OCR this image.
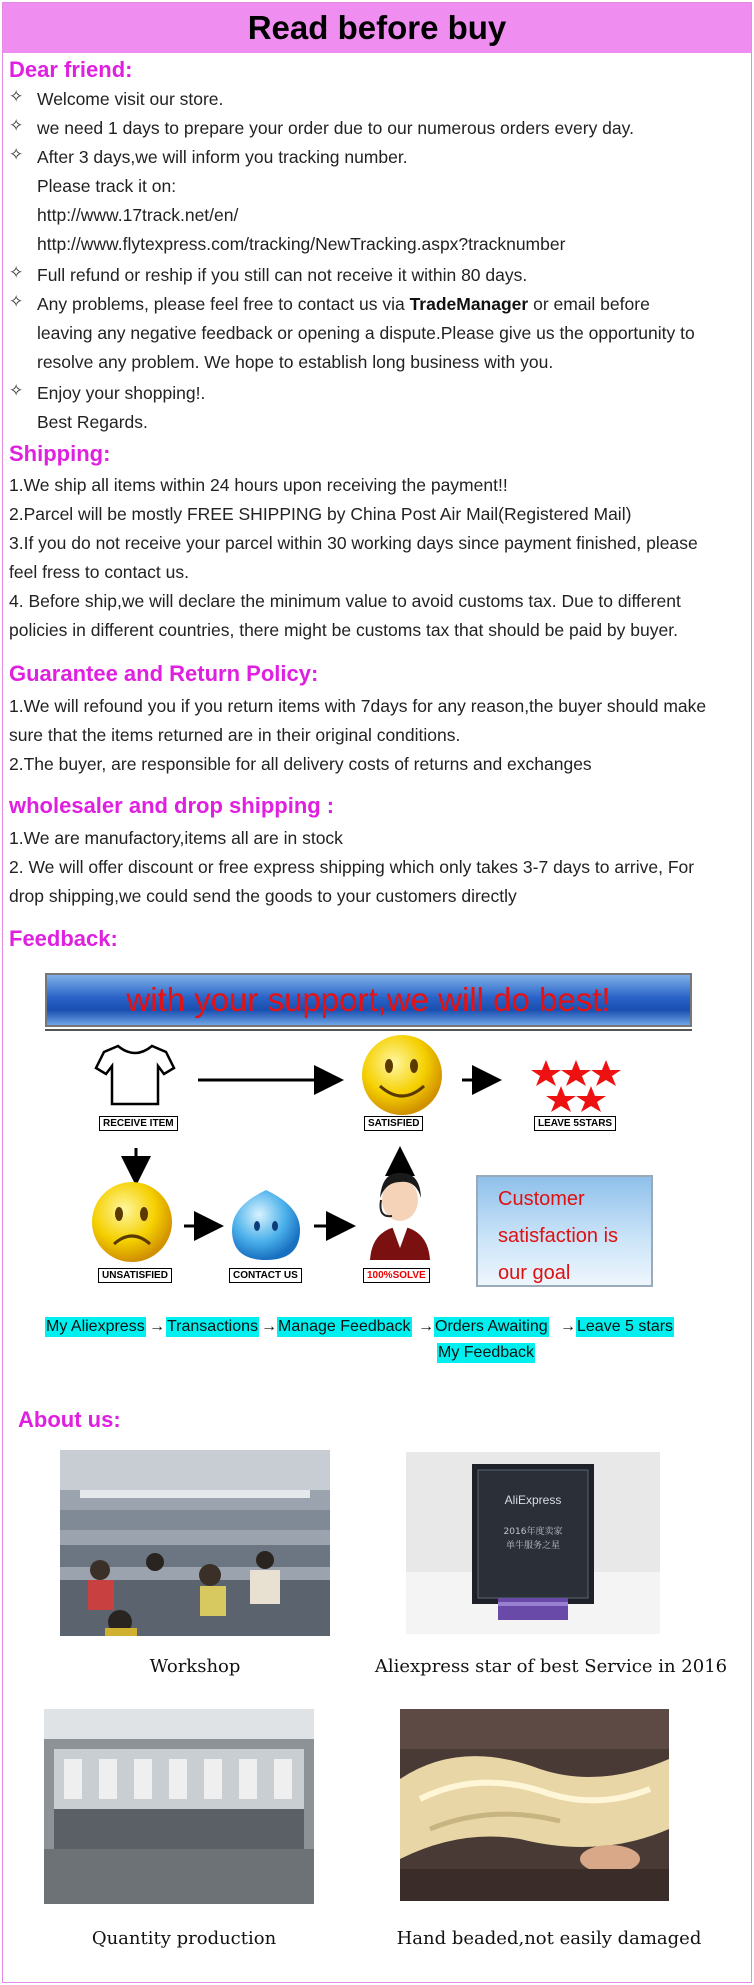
Read before buy
Dear friend:
✧ Welcome visit our store.
✧ we need 1 days to prepare your order due to our numerous orders every day.
✧ After 3 days,we will inform you tracking number.
Please track it on:
http://www.17track.net/en/
http://www.flytexpress.com/tracking/NewTracking.aspx?tracknumber
✧ Full refund or reship if you still can not receive it within 80 days.
✧ Any problems, please feel free to contact us via TradeManager or email before
leaving any negative feedback or opening a dispute.Please give us the opportunity to
resolve any problem. We hope to establish long business with you.
✧ Enjoy your shopping!.
Best Regards.
Shipping:
1.We ship all items within 24 hours upon receiving the payment!!
2.Parcel will be mostly FREE SHIPPING by China Post Air Mail(Registered Mail)
3.If you do not receive your parcel within 30 working days since payment finished, please
feel fress to contact us.
4. Before ship,we will declare the minimum value to avoid customs tax. Due to different
policies in different countries, there might be customs tax that should be paid by buyer.
Guarantee and Return Policy:
1.We will refound you if you return items with 7days for any reason,the buyer should make
sure that the items returned are in their original conditions.
2.The buyer, are responsible for all delivery costs of returns and exchanges
wholesaler and drop shipping :
1.We are manufactory,items all are in stock
2. We will offer discount or free express shipping which only takes 3-7 days to arrive, For
drop shipping,we could send the goods to your customers directly
Feedback:
with your support,we will do best!
RECEIVE ITEM	SATISFIED	LEAVE 5STARS
UNSATISFIED	CONTACT US	100%SOLVE
Customer
satisfaction is
our goal
My Aliexpress → Transactions → Manage Feedback → Orders Awaiting → Leave 5 stars
My Feedback
About us:
Workshop
AliExpress
2016年度卖家
单牛服务之星
Aliexpress star of best Service in 2016
Quantity production	Hand beaded,not easily damaged
